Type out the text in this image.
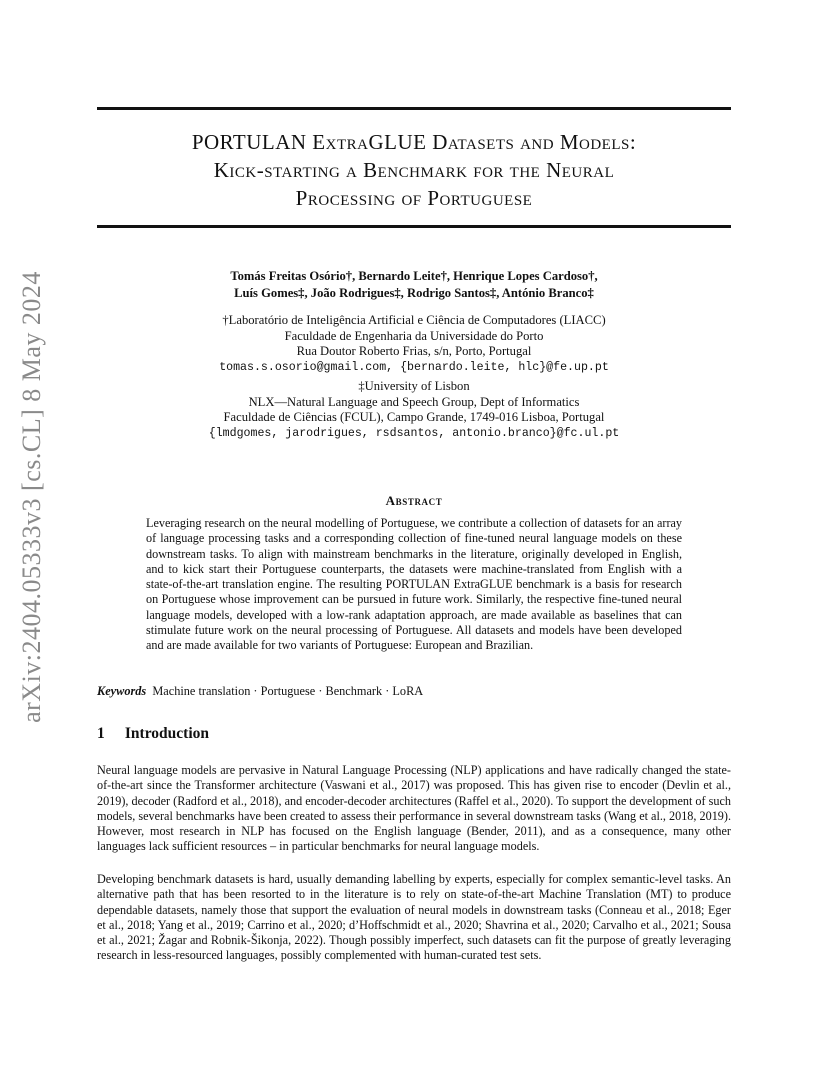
arXiv:2404.05333v3 [cs.CL] 8 May 2024
PORTULAN ExtraGLUE Datasets and Models:
Kick-starting a Benchmark for the Neural
Processing of Portuguese
Tomás Freitas Osório†, Bernardo Leite†, Henrique Lopes Cardoso†,
Luís Gomes‡, João Rodrigues‡, Rodrigo Santos‡, António Branco‡
†Laboratório de Inteligência Artificial e Ciência de Computadores (LIACC)
Faculdade de Engenharia da Universidade do Porto
Rua Doutor Roberto Frias, s/n, Porto, Portugal
tomas.s.osorio@gmail.com, {bernardo.leite, hlc}@fe.up.pt
‡University of Lisbon
NLX—Natural Language and Speech Group, Dept of Informatics
Faculdade de Ciências (FCUL), Campo Grande, 1749-016 Lisboa, Portugal
{lmdgomes, jarodrigues, rsdsantos, antonio.branco}@fc.ul.pt
Abstract
Leveraging research on the neural modelling of Portuguese, we contribute a collection of datasets for an array of language processing tasks and a corresponding collection of fine-tuned neural language models on these downstream tasks. To align with mainstream benchmarks in the literature, originally developed in English, and to kick start their Portuguese counterparts, the datasets were machine-translated from English with a state-of-the-art translation engine. The resulting PORTULAN ExtraGLUE benchmark is a basis for research on Portuguese whose improvement can be pursued in future work. Similarly, the respective fine-tuned neural language models, developed with a low-rank adaptation approach, are made available as baselines that can stimulate future work on the neural processing of Portuguese. All datasets and models have been developed and are made available for two variants of Portuguese: European and Brazilian.
Keywords Machine translation · Portuguese · Benchmark · LoRA
1 Introduction
Neural language models are pervasive in Natural Language Processing (NLP) applications and have radically changed the state-of-the-art since the Transformer architecture (Vaswani et al., 2017) was proposed. This has given rise to encoder (Devlin et al., 2019), decoder (Radford et al., 2018), and encoder-decoder architectures (Raffel et al., 2020). To support the development of such models, several benchmarks have been created to assess their performance in several downstream tasks (Wang et al., 2018, 2019). However, most research in NLP has focused on the English language (Bender, 2011), and as a consequence, many other languages lack sufficient resources – in particular benchmarks for neural language models.
Developing benchmark datasets is hard, usually demanding labelling by experts, especially for complex semantic-level tasks. An alternative path that has been resorted to in the literature is to rely on state-of-the-art Machine Translation (MT) to produce dependable datasets, namely those that support the evaluation of neural models in downstream tasks (Conneau et al., 2018; Eger et al., 2018; Yang et al., 2019; Carrino et al., 2020; d’Hoffschmidt et al., 2020; Shavrina et al., 2020; Carvalho et al., 2021; Sousa et al., 2021; Žagar and Robnik-Šikonja, 2022). Though possibly imperfect, such datasets can fit the purpose of greatly leveraging research in less-resourced languages, possibly complemented with human-curated test sets.
